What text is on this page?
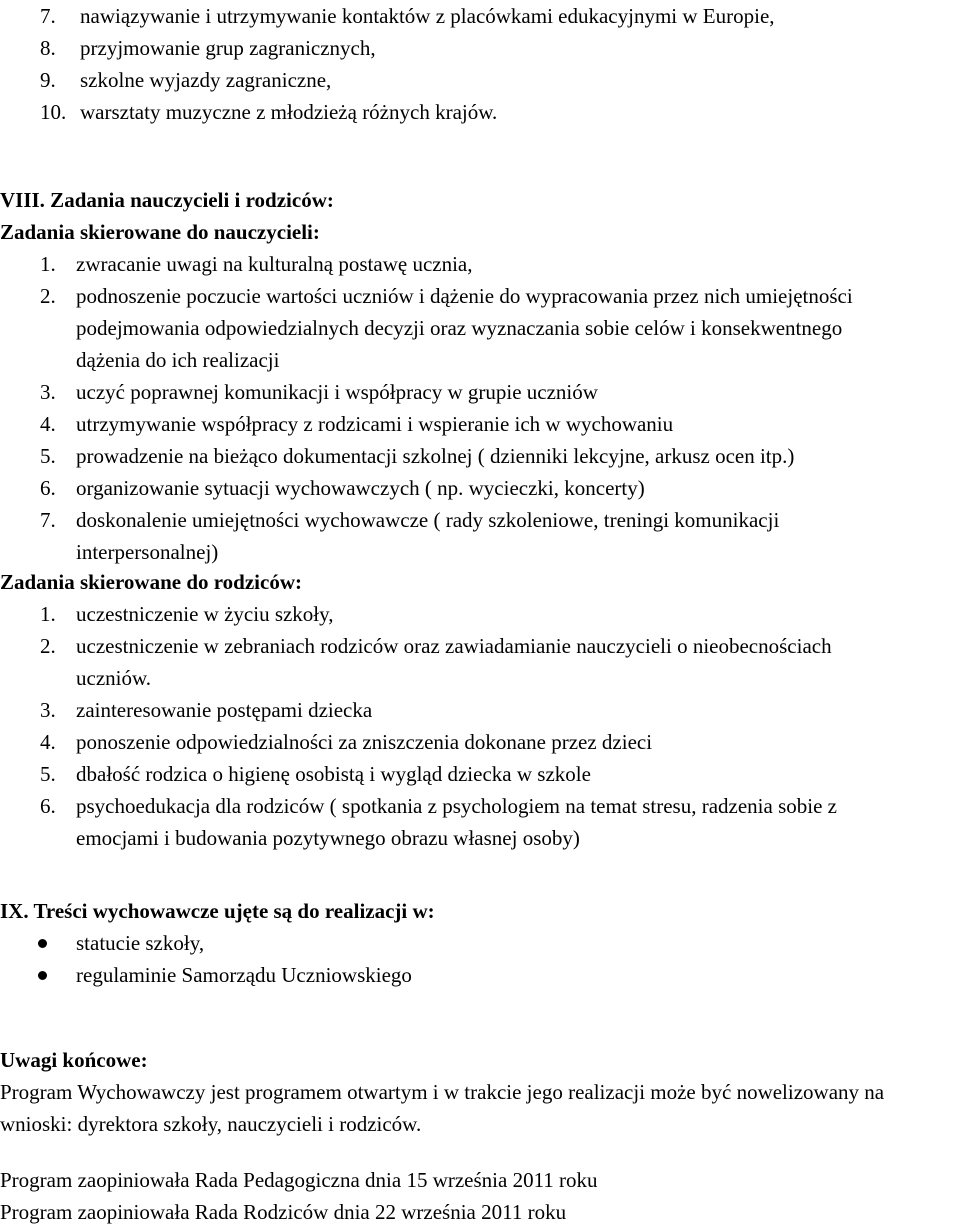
7.	nawiązywanie i utrzymywanie kontaktów z placówkami edukacyjnymi w Europie,
8.	przyjmowanie grup zagranicznych,
9.	szkolne wyjazdy zagraniczne,
10. warsztaty muzyczne z młodzieżą różnych krajów.
VIII. Zadania nauczycieli i rodziców:
Zadania skierowane do nauczycieli:
1. zwracanie uwagi na kulturalną postawę ucznia,
2. podnoszenie poczucie wartości uczniów i dążenie do wypracowania przez nich umiejętności podejmowania odpowiedzialnych decyzji oraz wyznaczania sobie celów i konsekwentnego dążenia do ich realizacji
3. uczyć poprawnej komunikacji i współpracy w grupie uczniów
4. utrzymywanie współpracy z rodzicami i wspieranie ich w wychowaniu
5. prowadzenie na bieżąco dokumentacji szkolnej ( dzienniki lekcyjne, arkusz ocen itp.)
6. organizowanie sytuacji wychowawczych ( np. wycieczki, koncerty)
7. doskonalenie umiejętności wychowawcze ( rady szkoleniowe, treningi komunikacji interpersonalnej)
Zadania skierowane do rodziców:
1. uczestniczenie w życiu szkoły,
2. uczestniczenie w zebraniach rodziców oraz zawiadamianie nauczycieli o nieobecnościach uczniów.
3. zainteresowanie postępami dziecka
4. ponoszenie odpowiedzialności za zniszczenia dokonane przez dzieci
5. dbałość rodzica o higienę osobistą i wygląd dziecka w szkole
6. psychoedukacja dla rodziców ( spotkania z psychologiem na temat stresu, radzenia sobie z emocjami i budowania pozytywnego obrazu własnej osoby)
IX. Treści wychowawcze ujęte są do realizacji w:
statucie szkoły,
regulaminie Samorządu Uczniowskiego
Uwagi końcowe:

Program Wychowawczy jest programem otwartym i w trakcie jego realizacji może być nowelizowany na wnioski: dyrektora szkoły, nauczycieli i rodziców.

Program zaopiniowała Rada Pedagogiczna dnia 15 września 2011 roku

Program zaopiniowała Rada Rodziców dnia 22 września 2011 roku
